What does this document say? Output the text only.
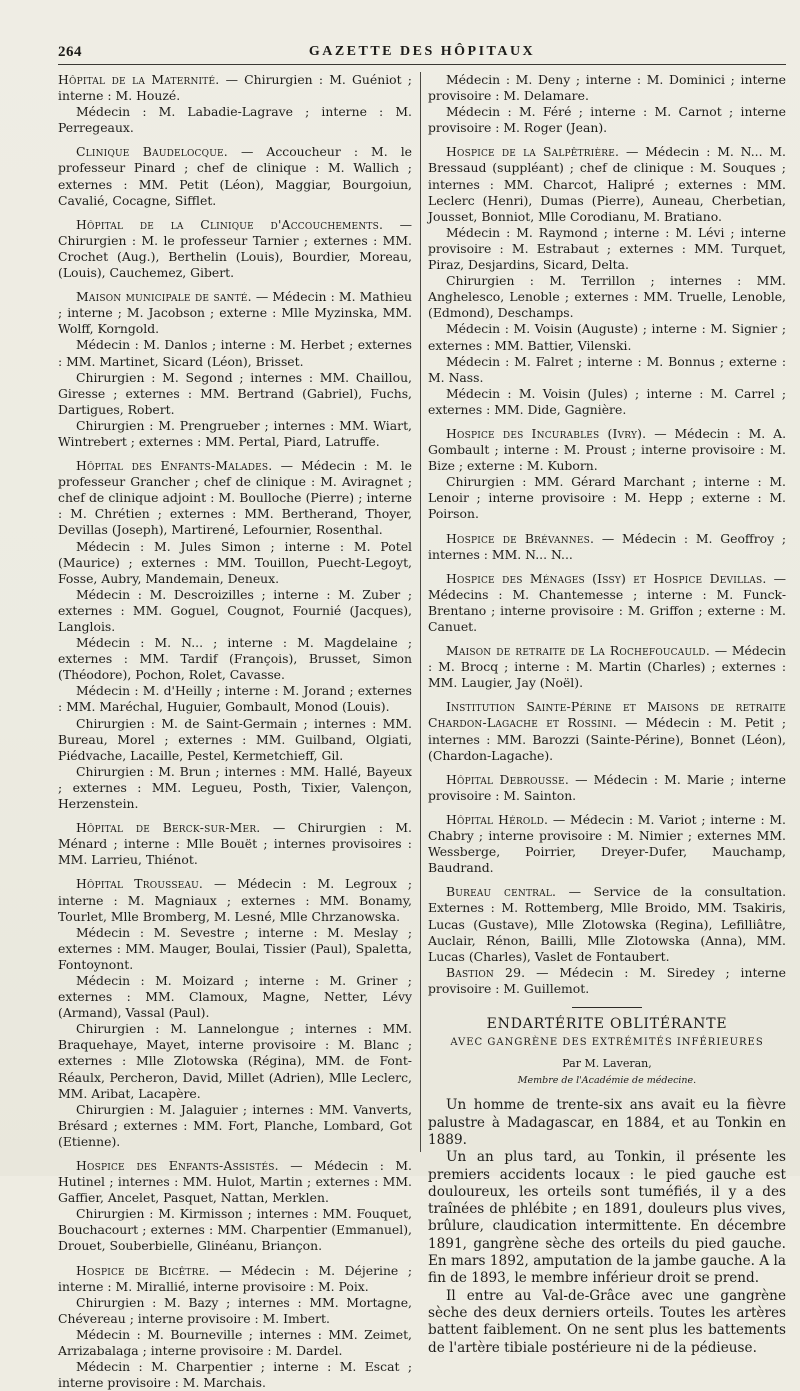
264	GAZETTE DES HÔPITAUX

Hôpital de la Maternité. — Chirurgien : M. Guéniot ; interne : M. Houzé.

Médecin : M. Labadie-Lagrave ; interne : M. Perregeaux.

Clinique Baudelocque. — Accoucheur : M. le professeur Pinard ; chef de clinique : M. Wallich ; externes : MM. Petit (Léon), Maggiar, Bourgoiun, Cavalié, Cocagne, Sifflet.

Hôpital de la Clinique d'Accouchements. — Chirurgien : M. le professeur Tarnier ; externes : MM. Crochet (Aug.), Berthelin (Louis), Bourdier, Moreau, (Louis), Cauchemez, Gibert.

Maison municipale de santé. — Médecin : M. Mathieu ; interne ; M. Jacobson ; externe : Mlle Myzinska, MM. Wolff, Korngold.

Médecin : M. Danlos ; interne : M. Herbet ; externes : MM. Martinet, Sicard (Léon), Brisset.

Chirurgien : M. Segond ; internes : MM. Chaillou, Giresse ; externes : MM. Bertrand (Gabriel), Fuchs, Dartigues, Robert.

Chirurgien : M. Prengrueber ; internes : MM. Wiart, Wintrebert ; externes : MM. Pertal, Piard, Latruffe.

Hôpital des Enfants-Malades. — Médecin : M. le professeur Grancher ; chef de clinique : M. Aviragnet ; chef de clinique adjoint : M. Boulloche (Pierre) ; interne : M. Chrétien ; externes : MM. Bertherand, Thoyer, Devillas (Joseph), Martirené, Lefournier, Rosenthal.

Médecin : M. Jules Simon ; interne : M. Potel (Maurice) ; externes : MM. Touillon, Puecht-Legoyt, Fosse, Aubry, Mandemain, Deneux.

Médecin : M. Descroizilles ; interne : M. Zuber ; externes : MM. Goguel, Cougnot, Fournié (Jacques), Langlois.

Médecin : M. N... ; interne : M. Magdelaine ; externes : MM. Tardif (François), Brusset, Simon (Théodore), Pochon, Rolet, Cavasse.

Médecin : M. d'Heilly ; interne : M. Jorand ; externes : MM. Maréchal, Huguier, Gombault, Monod (Louis).

Chirurgien : M. de Saint-Germain ; internes : MM. Bureau, Morel ; externes : MM. Guilband, Olgiati, Piédvache, Lacaille, Pestel, Kermetchieff, Gil.

Chirurgien : M. Brun ; internes : MM. Hallé, Bayeux ; externes : MM. Legueu, Posth, Tixier, Valençon, Herzenstein.

Hôpital de Berck-sur-Mer. — Chirurgien : M. Ménard ; interne : Mlle Bouët ; internes provisoires : MM. Larrieu, Thiénot.

Hôpital Trousseau. — Médecin : M. Legroux ; interne : M. Magniaux ; externes : MM. Bonamy, Tourlet, Mlle Bromberg, M. Lesné, Mlle Chrzanowska.

Médecin : M. Sevestre ; interne : M. Meslay ; externes : MM. Mauger, Boulai, Tissier (Paul), Spaletta, Fontoynont.

Médecin : M. Moizard ; interne : M. Griner ; externes : MM. Clamoux, Magne, Netter, Lévy (Armand), Vassal (Paul).

Chirurgien : M. Lannelongue ; internes : MM. Braquehaye, Mayet, interne provisoire : M. Blanc ; externes : Mlle Zlotowska (Régina), MM. de Font-Réaulx, Percheron, David, Millet (Adrien), Mlle Leclerc, MM. Aribat, Lacapère.

Chirurgien : M. Jalaguier ; internes : MM. Vanverts, Brésard ; externes : MM. Fort, Planche, Lombard, Got (Etienne).

Hospice des Enfants-Assistés. — Médecin : M. Hutinel ; internes : MM. Hulot, Martin ; externes : MM. Gaffier, Ancelet, Pasquet, Nattan, Merklen.

Chirurgien : M. Kirmisson ; internes : MM. Fouquet, Bouchacourt ; externes : MM. Charpentier (Emmanuel), Drouet, Souberbielle, Glinéanu, Briançon.

Hospice de Bicêtre. — Médecin : M. Déjerine ; interne : M. Mirallié, interne provisoire : M. Poix.

Chirurgien : M. Bazy ; internes : MM. Mortagne, Chévereau ; interne provisoire : M. Imbert.

Médecin : M. Bourneville ; internes : MM. Zeimet, Arrizabalaga ; interne provisoire : M. Dardel.

Médecin : M. Charpentier ; interne : M. Escat ; interne provisoire : M. Marchais.

Médecin : M. Deny ; interne : M. Dominici ; interne provisoire : M. Delamare.

Médecin : M. Féré ; interne : M. Carnot ; interne provisoire : M. Roger (Jean).

Hospice de la Salpêtrière. — Médecin : M. N... M. Bressaud (suppléant) ; chef de clinique : M. Souques ; internes : MM. Charcot, Halipré ; externes : MM. Leclerc (Henri), Dumas (Pierre), Auneau, Cherbetian, Jousset, Bonniot, Mlle Corodianu, M. Bratiano.

Médecin : M. Raymond ; interne : M. Lévi ; interne provisoire : M. Estrabaut ; externes : MM. Turquet, Piraz, Desjardins, Sicard, Delta.

Chirurgien : M. Terrillon ; internes : MM. Anghelesco, Lenoble ; externes : MM. Truelle, Lenoble, (Edmond), Deschamps.

Médecin : M. Voisin (Auguste) ; interne : M. Signier ; externes : MM. Battier, Vilenski.

Médecin : M. Falret ; interne : M. Bonnus ; externe : M. Nass.

Médecin : M. Voisin (Jules) ; interne : M. Carrel ; externes : MM. Dide, Gagnière.

Hospice des Incurables (Ivry). — Médecin : M. A. Gombault ; interne : M. Proust ; interne provisoire : M. Bize ; externe : M. Kuborn.

Chirurgien : MM. Gérard Marchant ; interne : M. Lenoir ; interne provisoire : M. Hepp ; externe : M. Poirson.

Hospice de Brévannes. — Médecin : M. Geoffroy ; internes : MM. N... N...

Hospice des Ménages (Issy) et Hospice Devillas. — Médecins : M. Chantemesse ; interne : M. Funck-Brentano ; interne provisoire : M. Griffon ; externe : M. Canuet.

Maison de retraite de La Rochefoucauld. — Médecin : M. Brocq ; interne : M. Martin (Charles) ; externes : MM. Laugier, Jay (Noël).

Institution Sainte-Périne et Maisons de retraite Chardon-Lagache et Rossini. — Médecin : M. Petit ; internes : MM. Barozzi (Sainte-Périne), Bonnet (Léon), (Chardon-Lagache).

Hôpital Debrousse. — Médecin : M. Marie ; interne provisoire : M. Sainton.

Hôpital Hérold. — Médecin : M. Variot ; interne : M. Chabry ; interne provisoire : M. Nimier ; externes MM. Wessberge, Poirrier, Dreyer-Dufer, Mauchamp, Baudrand.

Bureau central. — Service de la consultation. Externes : M. Rottemberg, Mlle Broido, MM. Tsakiris, Lucas (Gustave), Mlle Zlotowska (Regina), Lefilliâtre, Auclair, Rénon, Bailli, Mlle Zlotowska (Anna), MM. Lucas (Charles), Vaslet de Fontaubert.

Bastion 29. — Médecin : M. Siredey ; interne provisoire : M. Guillemot.

ENDARTÉRITE OBLITÉRANTE
AVEC GANGRÈNE DES EXTRÉMITÉS INFÉRIEURES
Par M. Laveran,
Membre de l'Académie de médecine.

Un homme de trente-six ans avait eu la fièvre palustre à Madagascar, en 1884, et au Tonkin en 1889.

Un an plus tard, au Tonkin, il présente les premiers accidents locaux : le pied gauche est douloureux, les orteils sont tuméfiés, il y a des traînées de phlébite ; en 1891, douleurs plus vives, brûlure, claudication intermittente. En décembre 1891, gangrène sèche des orteils du pied gauche. En mars 1892, amputation de la jambe gauche. A la fin de 1893, le membre inférieur droit se prend.

Il entre au Val-de-Grâce avec une gangrène sèche des deux derniers orteils. Toutes les artères battent faiblement. On ne sent plus les battements de l'artère tibiale postérieure ni de la pédieuse.
